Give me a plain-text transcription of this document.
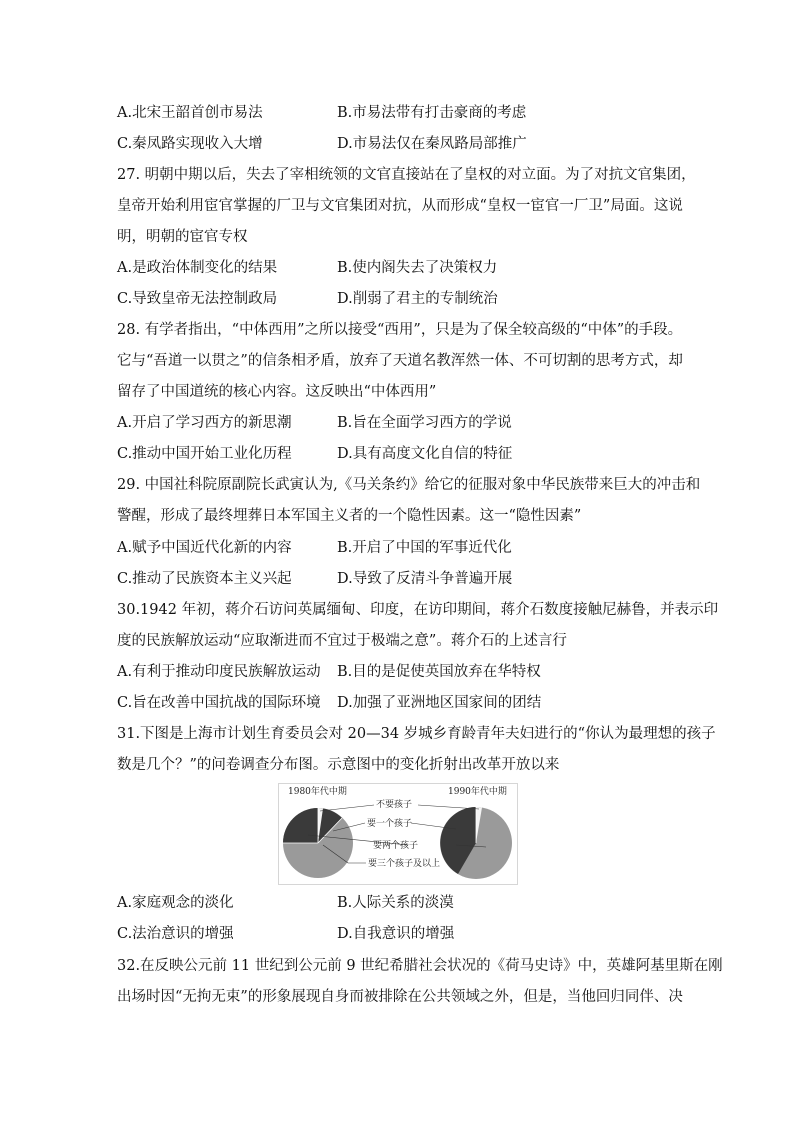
A.北宋王韶首创市易法	B.市易法带有打击豪商的考虑
C.秦凤路实现收入大增	D.市易法仅在秦凤路局部推广
27. 明朝中期以后，失去了宰相统领的文官直接站在了皇权的对立面。为了对抗文官集团，
皇帝开始利用宦官掌握的厂卫与文官集团对抗，从而形成“皇权一宦官一厂卫”局面。这说
明，明朝的宦官专权
A.是政治体制变化的结果	B.使内阁失去了决策权力
C.导致皇帝无法控制政局	D.削弱了君主的专制统治
28. 有学者指出，“中体西用”之所以接受“西用”，只是为了保全较高级的“中体”的手段。
它与“吾道一以贯之”的信条相矛盾，放弃了天道名教浑然一体、不可切割的思考方式，却
留存了中国道统的核心内容。这反映出“中体西用”
A.开启了学习西方的新思潮	B.旨在全面学习西方的学说
C.推动中国开始工业化历程	D.具有高度文化自信的特征
29. 中国社科院原副院长武寅认为,《马关条约》给它的征服对象中华民族带来巨大的冲击和
警醒，形成了最终埋葬日本军国主义者的一个隐性因素。这一“隐性因素”
A.赋予中国近代化新的内容	B.开启了中国的军事近代化
C.推动了民族资本主义兴起	D.导致了反清斗争普遍开展
30.1942 年初，蒋介石访问英属缅甸、印度，在访印期间，蒋介石数度接触尼赫鲁，并表示印
度的民族解放运动“应取渐进而不宜过于极端之意”。蒋介石的上述言行
A.有利于推动印度民族解放运动 B.目的是促使英国放弃在华特权
C.旨在改善中国抗战的国际环境 D.加强了亚洲地区国家间的团结
31.下图是上海市计划生育委员会对 20—34 岁城乡育龄青年夫妇进行的“你认为最理想的孩子
数是几个？”的问卷调查分布图。示意图中的变化折射出改革开放以来
1980年代中期	1990年代中期
不要孩子
要一个孩子
要两个孩子
要三个孩子及以上
A.家庭观念的淡化	B.人际关系的淡漠
C.法治意识的增强	D.自我意识的增强
32.在反映公元前 11 世纪到公元前 9 世纪希腊社会状况的《荷马史诗》中，英雄阿基里斯在刚
出场时因“无拘无束”的形象展现自身而被排除在公共领域之外，但是，当他回归同伴、决
